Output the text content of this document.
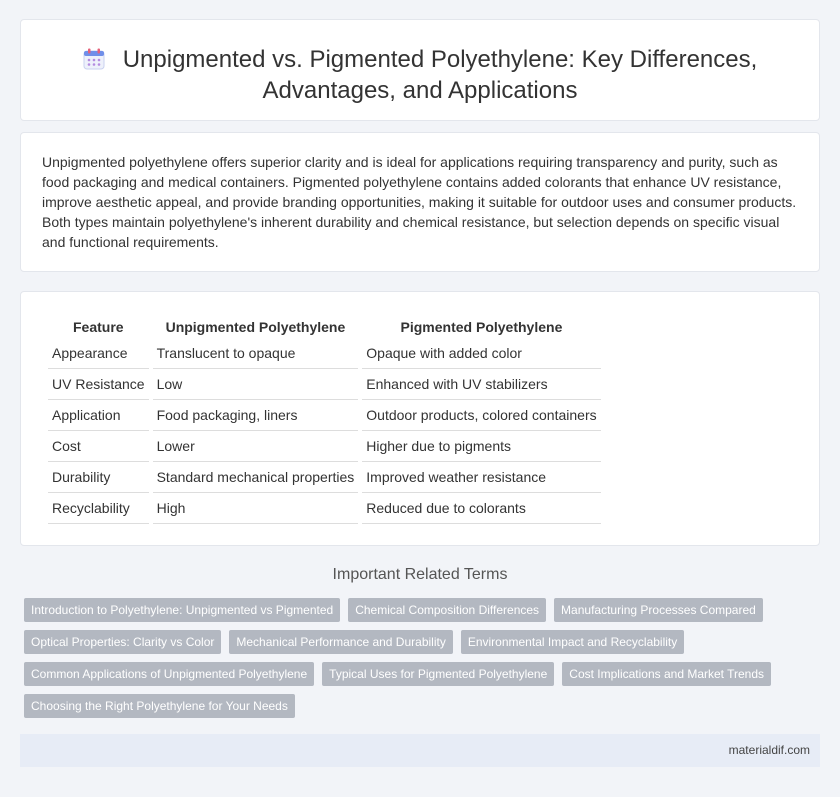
Unpigmented vs. Pigmented Polyethylene: Key Differences, Advantages, and Applications

Unpigmented polyethylene offers superior clarity and is ideal for applications requiring transparency and purity, such as food packaging and medical containers. Pigmented polyethylene contains added colorants that enhance UV resistance, improve aesthetic appeal, and provide branding opportunities, making it suitable for outdoor uses and consumer products. Both types maintain polyethylene's inherent durability and chemical resistance, but selection depends on specific visual and functional requirements.

Feature	Unpigmented Polyethylene	Pigmented Polyethylene
Appearance	Translucent to opaque	Opaque with added color
UV Resistance	Low	Enhanced with UV stabilizers
Application	Food packaging, liners	Outdoor products, colored containers
Cost	Lower	Higher due to pigments
Durability	Standard mechanical properties	Improved weather resistance
Recyclability	High	Reduced due to colorants
Important Related Terms
Introduction to Polyethylene: Unpigmented vs Pigmented	Chemical Composition Differences	Manufacturing Processes Compared
Optical Properties: Clarity vs Color	Mechanical Performance and Durability	Environmental Impact and Recyclability
Common Applications of Unpigmented Polyethylene	Typical Uses for Pigmented Polyethylene	Cost Implications and Market Trends
Choosing the Right Polyethylene for Your Needs
materialdif.com
